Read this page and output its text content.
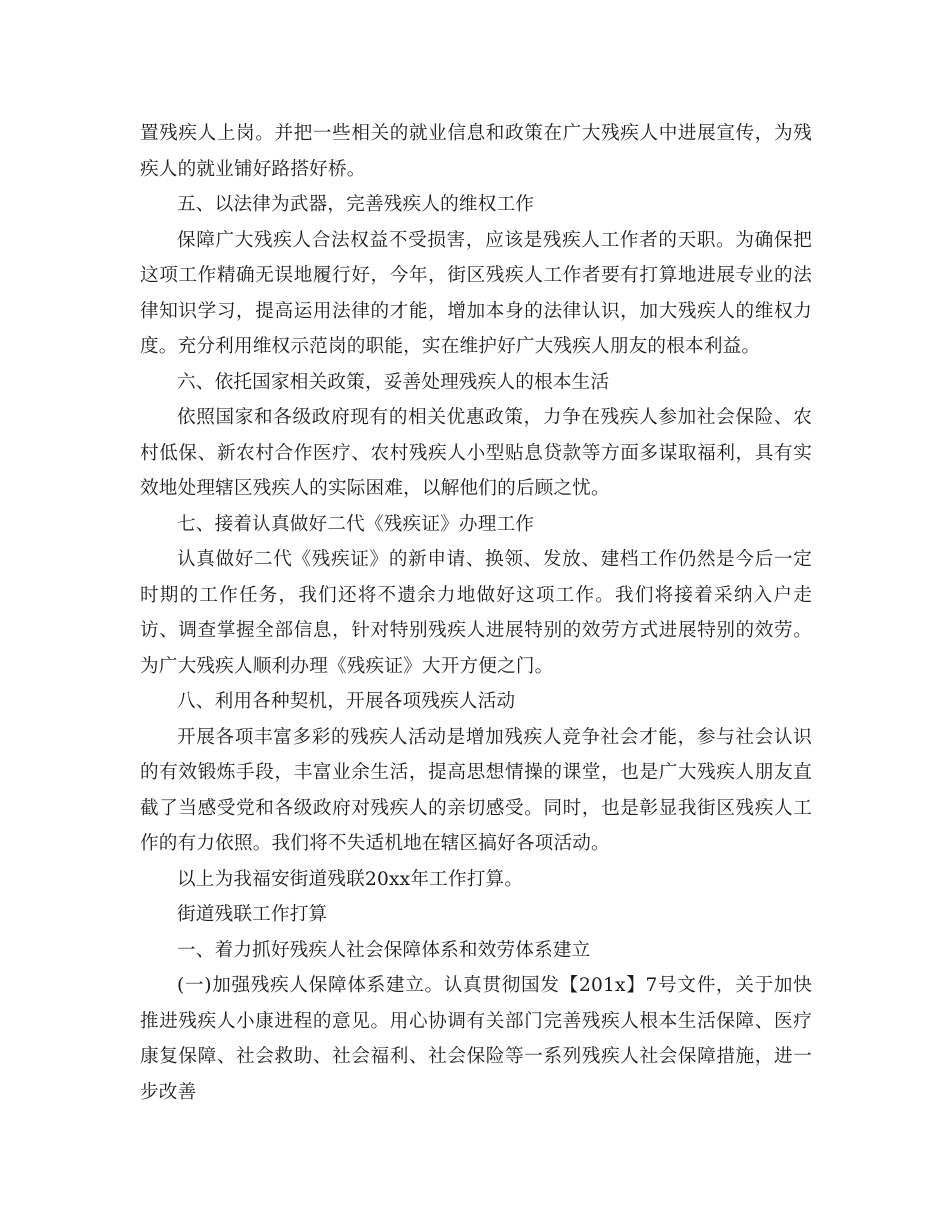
置残疾人上岗。并把一些相关的就业信息和政策在广大残疾人中进展宣传，为残疾人的就业铺好路搭好桥。

五、以法律为武器，完善残疾人的维权工作

保障广大残疾人合法权益不受损害，应该是残疾人工作者的天职。为确保把这项工作精确无误地履行好，今年，街区残疾人工作者要有打算地进展专业的法律知识学习，提高运用法律的才能，增加本身的法律认识，加大残疾人的维权力度。充分利用维权示范岗的职能，实在维护好广大残疾人朋友的根本利益。

六、依托国家相关政策，妥善处理残疾人的根本生活

依照国家和各级政府现有的相关优惠政策，力争在残疾人参加社会保险、农村低保、新农村合作医疗、农村残疾人小型贴息贷款等方面多谋取福利，具有实效地处理辖区残疾人的实际困难，以解他们的后顾之忧。

七、接着认真做好二代《残疾证》办理工作

认真做好二代《残疾证》的新申请、换领、发放、建档工作仍然是今后一定时期的工作任务，我们还将不遗余力地做好这项工作。我们将接着采纳入户走访、调查掌握全部信息，针对特别残疾人进展特别的效劳方式进展特别的效劳。为广大残疾人顺利办理《残疾证》大开方便之门。

八、利用各种契机，开展各项残疾人活动

开展各项丰富多彩的残疾人活动是增加残疾人竞争社会才能，参与社会认识的有效锻炼手段，丰富业余生活，提高思想情操的课堂，也是广大残疾人朋友直截了当感受党和各级政府对残疾人的亲切感受。同时，也是彰显我街区残疾人工作的有力依照。我们将不失适机地在辖区搞好各项活动。

以上为我福安街道残联20xx年工作打算。

街道残联工作打算

一、着力抓好残疾人社会保障体系和效劳体系建立

(一)加强残疾人保障体系建立。认真贯彻国发【201x】7号文件，关于加快推进残疾人小康进程的意见。用心协调有关部门完善残疾人根本生活保障、医疗康复保障、社会救助、社会福利、社会保险等一系列残疾人社会保障措施，进一步改善
